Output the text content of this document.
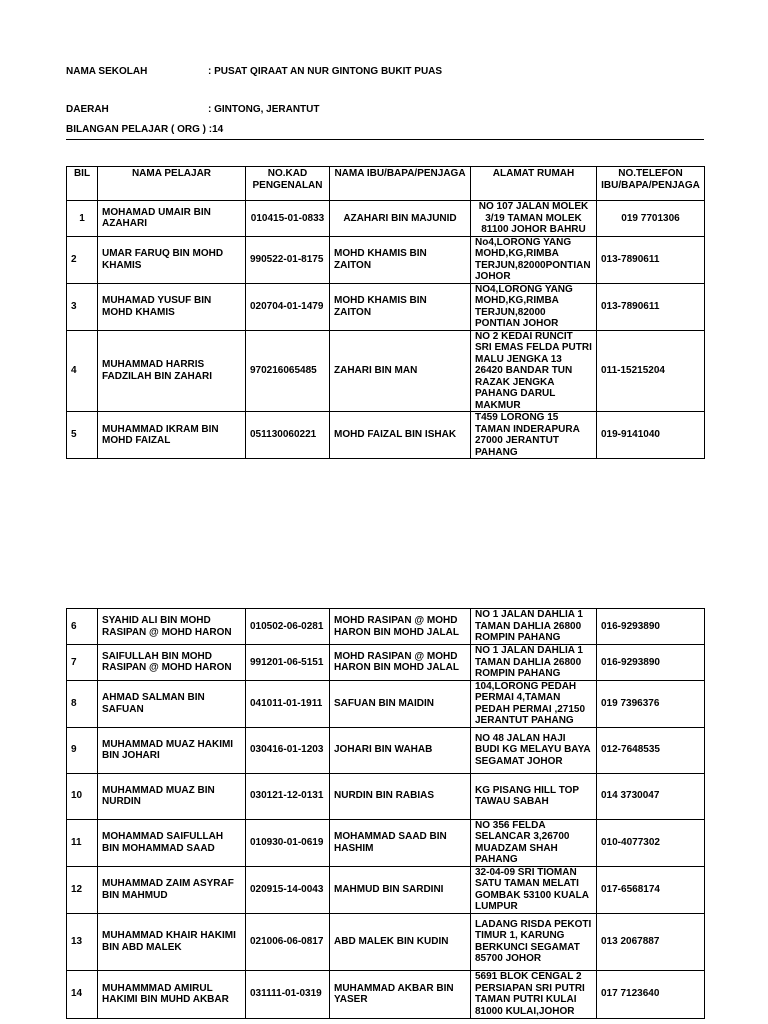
NAMA SEKOLAH	: PUSAT QIRAAT AN NUR GINTONG BUKIT PUAS
DAERAH	: GINTONG, JERANTUT
BILANGAN PELAJAR ( ORG ) :14
BIL	NAMA PELAJAR	NO.KAD PENGENALAN	NAMA IBU/BAPA/PENJAGA	ALAMAT RUMAH	NO.TELEFON IBU/BAPA/PENJAGA
1	MOHAMAD UMAIR BIN AZAHARI	010415-01-0833	AZAHARI BIN MAJUNID	NO 107 JALAN MOLEK 3/19 TAMAN MOLEK 81100 JOHOR BAHRU	019 7701306
2	UMAR FARUQ BIN MOHD KHAMIS	990522-01-8175	MOHD KHAMIS BIN ZAITON	No4,LORONG YANG MOHD,KG,RIMBA TERJUN,82000PONTIAN JOHOR	013-7890611
3	MUHAMAD YUSUF BIN MOHD KHAMIS	020704-01-1479	MOHD KHAMIS BIN ZAITON	NO4,LORONG YANG MOHD,KG,RIMBA TERJUN,82000 PONTIAN JOHOR	013-7890611
4	MUHAMMAD HARRIS FADZILAH BIN ZAHARI	970216065485	ZAHARI BIN MAN	NO 2 KEDAI RUNCIT SRI EMAS FELDA PUTRI MALU JENGKA 13 26420 BANDAR TUN RAZAK JENGKA PAHANG DARUL MAKMUR	011-15215204
5	MUHAMMAD IKRAM BIN MOHD FAIZAL	051130060221	MOHD FAIZAL BIN ISHAK	T459 LORONG 15 TAMAN INDERAPURA 27000 JERANTUT PAHANG	019-9141040
6	SYAHID ALI BIN MOHD RASIPAN @ MOHD HARON	010502-06-0281	MOHD RASIPAN @ MOHD HARON BIN MOHD JALAL	NO 1 JALAN DAHLIA 1 TAMAN DAHLIA 26800 ROMPIN PAHANG	016-9293890
7	SAIFULLAH BIN MOHD RASIPAN @ MOHD HARON	991201-06-5151	MOHD RASIPAN @ MOHD HARON BIN MOHD JALAL	NO 1 JALAN DAHLIA 1 TAMAN DAHLIA 26800 ROMPIN PAHANG	016-9293890
8	AHMAD SALMAN BIN SAFUAN	041011-01-1911	SAFUAN BIN MAIDIN	104,LORONG PEDAH PERMAI 4,TAMAN PEDAH PERMAI ,27150 JERANTUT PAHANG	019 7396376
9	MUHAMMAD MUAZ HAKIMI BIN JOHARI	030416-01-1203	JOHARI BIN WAHAB	NO 48 JALAN HAJI BUDI KG MELAYU BAYA SEGAMAT JOHOR	012-7648535
10	MUHAMMAD MUAZ BIN NURDIN	030121-12-0131	NURDIN BIN RABIAS	KG PISANG HILL TOP TAWAU SABAH	014 3730047
11	MOHAMMAD SAIFULLAH BIN MOHAMMAD SAAD	010930-01-0619	MOHAMMAD SAAD BIN HASHIM	NO 356 FELDA SELANCAR 3,26700 MUADZAM SHAH PAHANG	010-4077302
12	MUHAMMAD ZAIM ASYRAF BIN MAHMUD	020915-14-0043	MAHMUD BIN SARDINI	32-04-09 SRI TIOMAN SATU TAMAN MELATI GOMBAK 53100 KUALA LUMPUR	017-6568174
13	MUHAMMAD KHAIR HAKIMI BIN ABD MALEK	021006-06-0817	ABD MALEK BIN KUDIN	LADANG RISDA PEKOTI TIMUR 1, KARUNG BERKUNCI SEGAMAT 85700 JOHOR	013 2067887
14	MUHAMMMAD AMIRUL HAKIMI BIN MUHD AKBAR	031111-01-0319	MUHAMMAD AKBAR BIN YASER	5691 BLOK CENGAL 2 PERSIAPAN SRI PUTRI TAMAN PUTRI KULAI 81000 KULAI,JOHOR	017 7123640
